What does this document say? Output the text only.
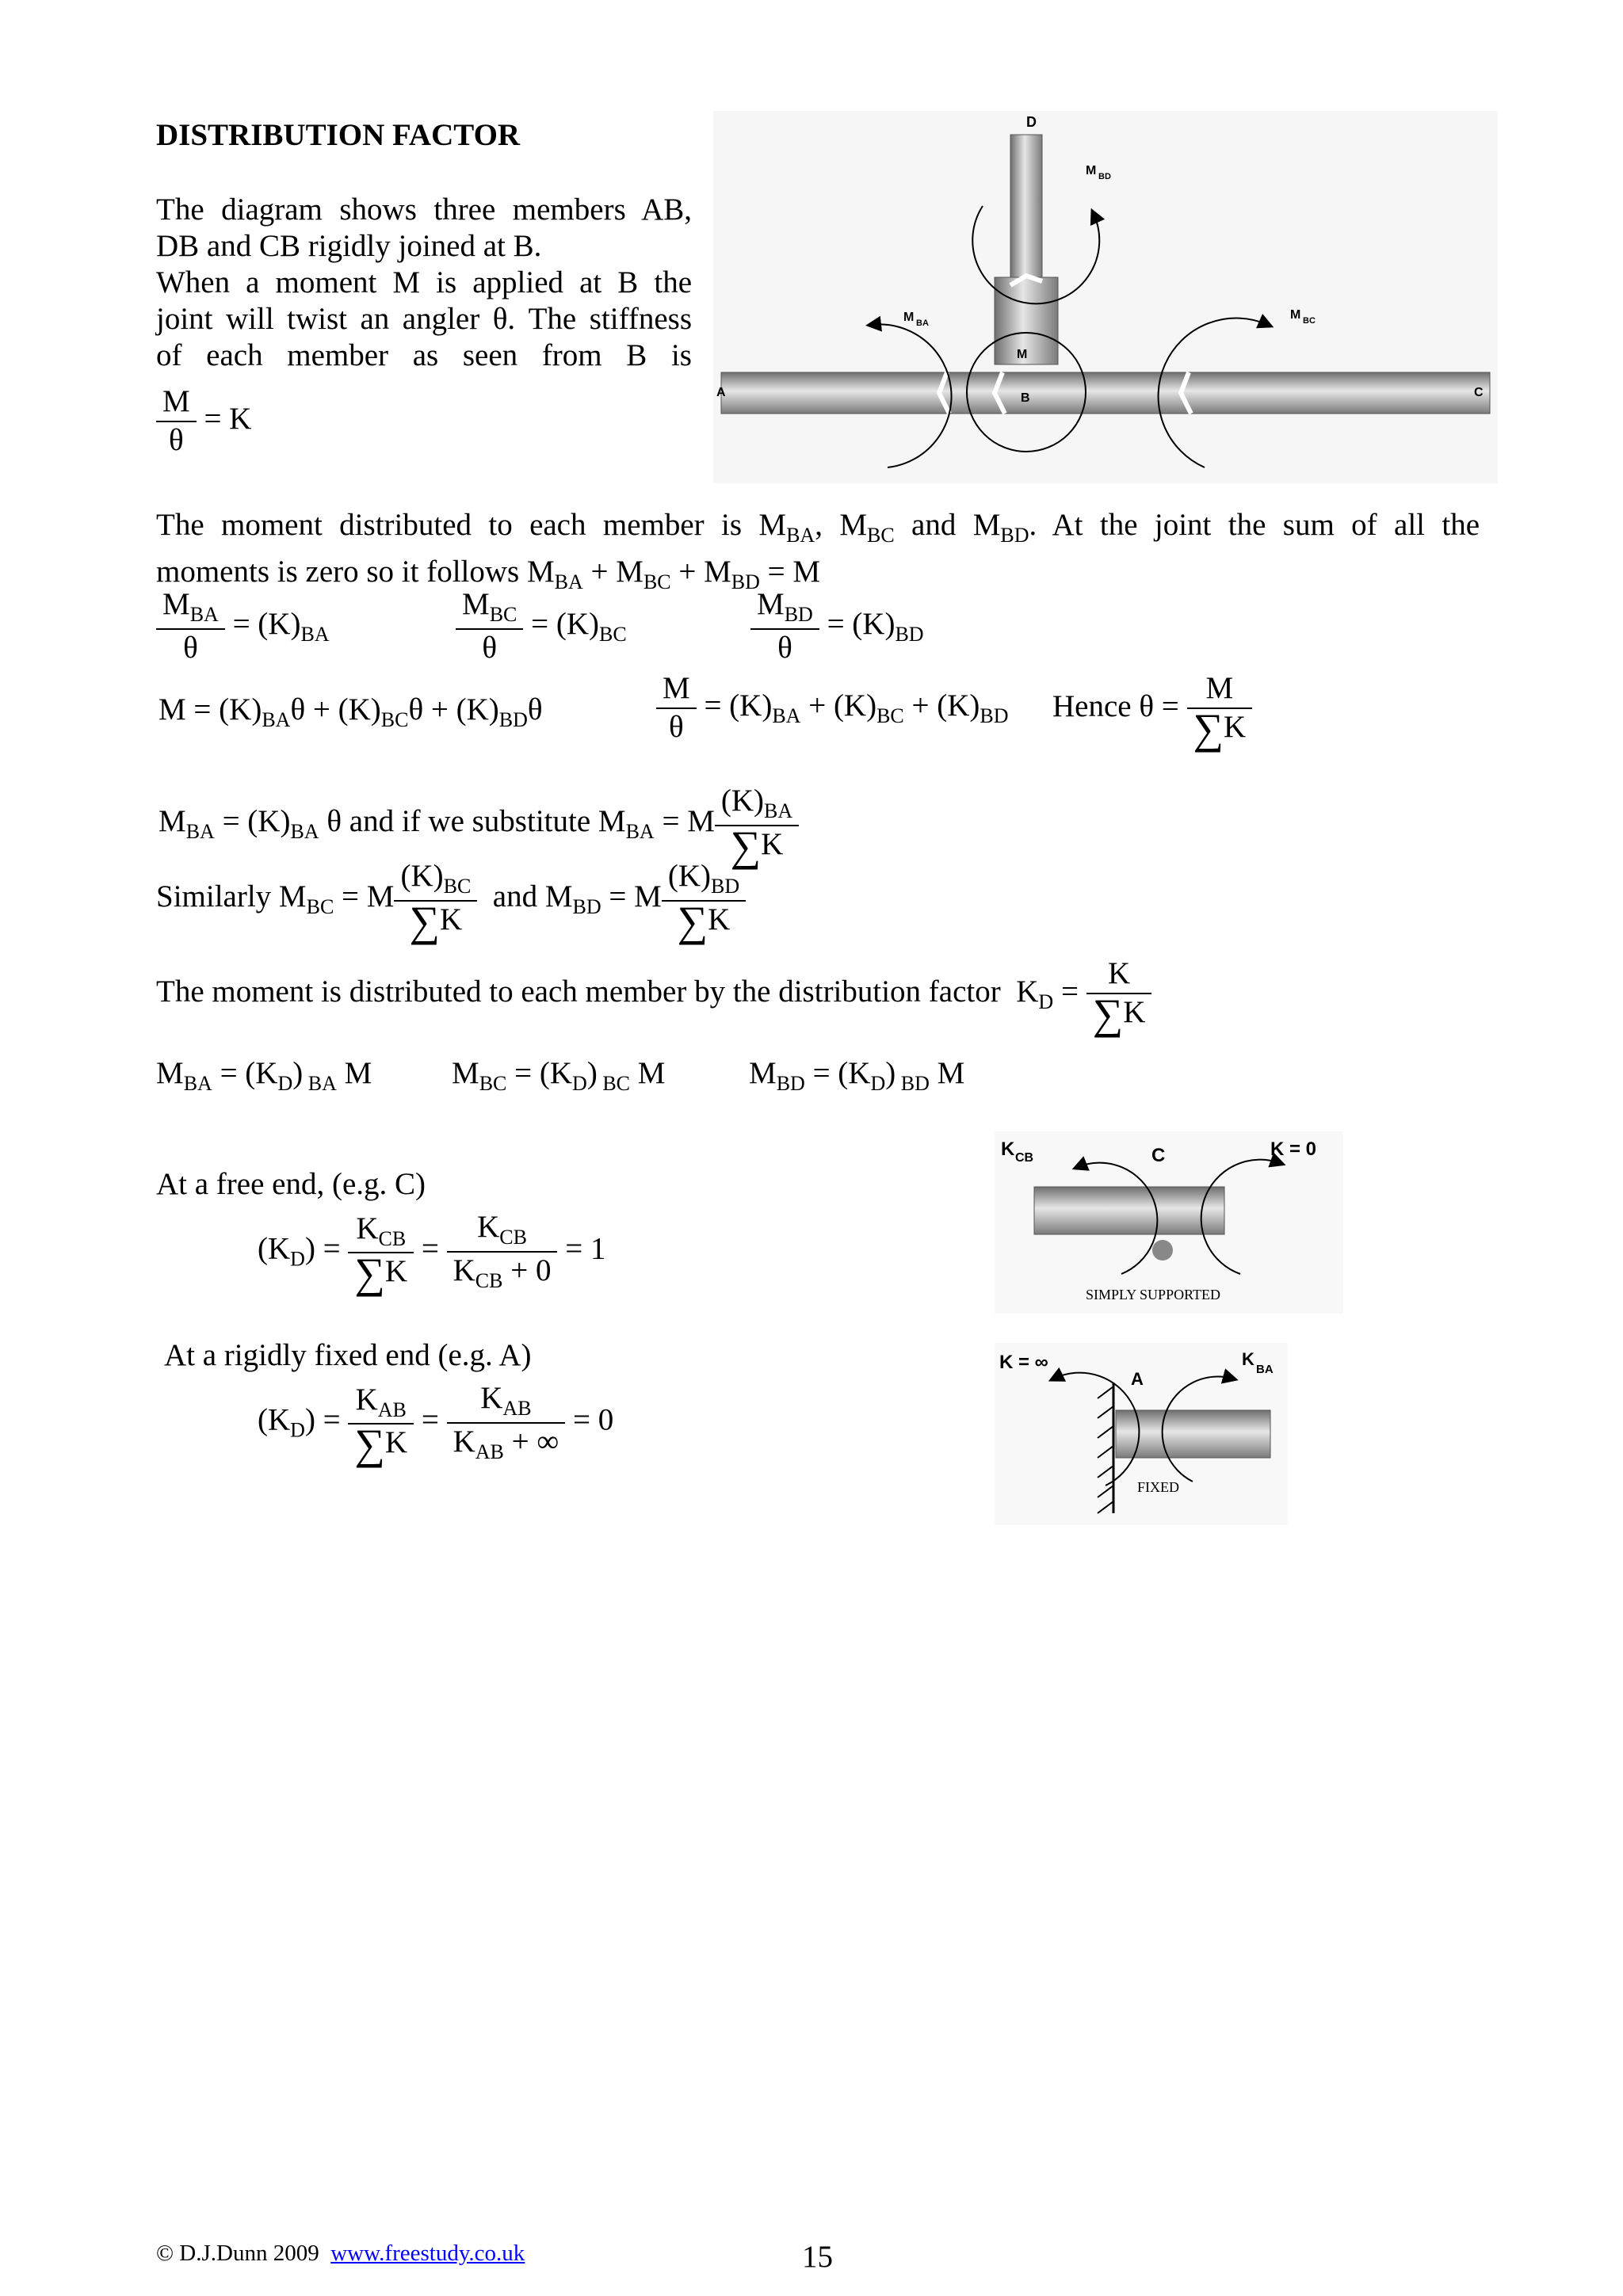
DISTRIBUTION FACTOR
The diagram shows three members AB,
DB and CB rigidly joined at B.
When a moment M is applied at B the
joint will twist an angler θ. The stiffness
of each member as seen from B is
$\frac{M}{\theta} = K$
D
M BD
M BA
M BC
M
B
A	C
The moment distributed to each member is $M_{BA}$, $M_{BC}$ and $M_{BD}$. At the joint the sum of all the
moments is zero so it follows $M_{BA} + M_{BC} + M_{BD} = M$
$\frac{M_{BA}}{\theta} = (K)_{BA}$	$\frac{M_{BC}}{\theta} = (K)_{BC}$	$\frac{M_{BD}}{\theta} = (K)_{BD}$
$M = (K)_{BA}\theta + (K)_{BC}\theta + (K)_{BD}\theta$	$\frac{M}{\theta} = (K)_{BA} + (K)_{BC} + (K)_{BD}$ Hence $\theta = \frac{M}{\sum K}$
$M_{BA} = (K)_{BA}$ θ and if we substitute $M_{BA} = M \frac{(K)_{BA}}{\sum K}$
Similarly $M_{BC} = M \frac{(K)_{BC}}{\sum K}$ and $M_{BD} = M \frac{(K)_{BD}}{\sum K}$
The moment is distributed to each member by the distribution factor  $K_D = \frac{K}{\sum K}$
$M_{BA} = (K_D)$ $_{BA}$ M	$M_{BC} = (K_D)$ $_{BC}$ M	$M_{BD} = (K_D)$ $_{BD}$ M
At a free end, (e.g. C)
$(K_D) = \frac{K_{CB}}{\sum K} = \frac{K_{CB}}{K_{CB} + 0} = 1$
K CB	C	K = 0
SIMPLY SUPPORTED
At a rigidly fixed end (e.g. A)
$(K_D) = \frac{K_{AB}}{\sum K} = \frac{K_{AB}}{K_{AB} + \infty} = 0$
K = ∞
A
K
BA
FIXED
© D.J.Dunn 2009 www.freestudy.co.uk	15
